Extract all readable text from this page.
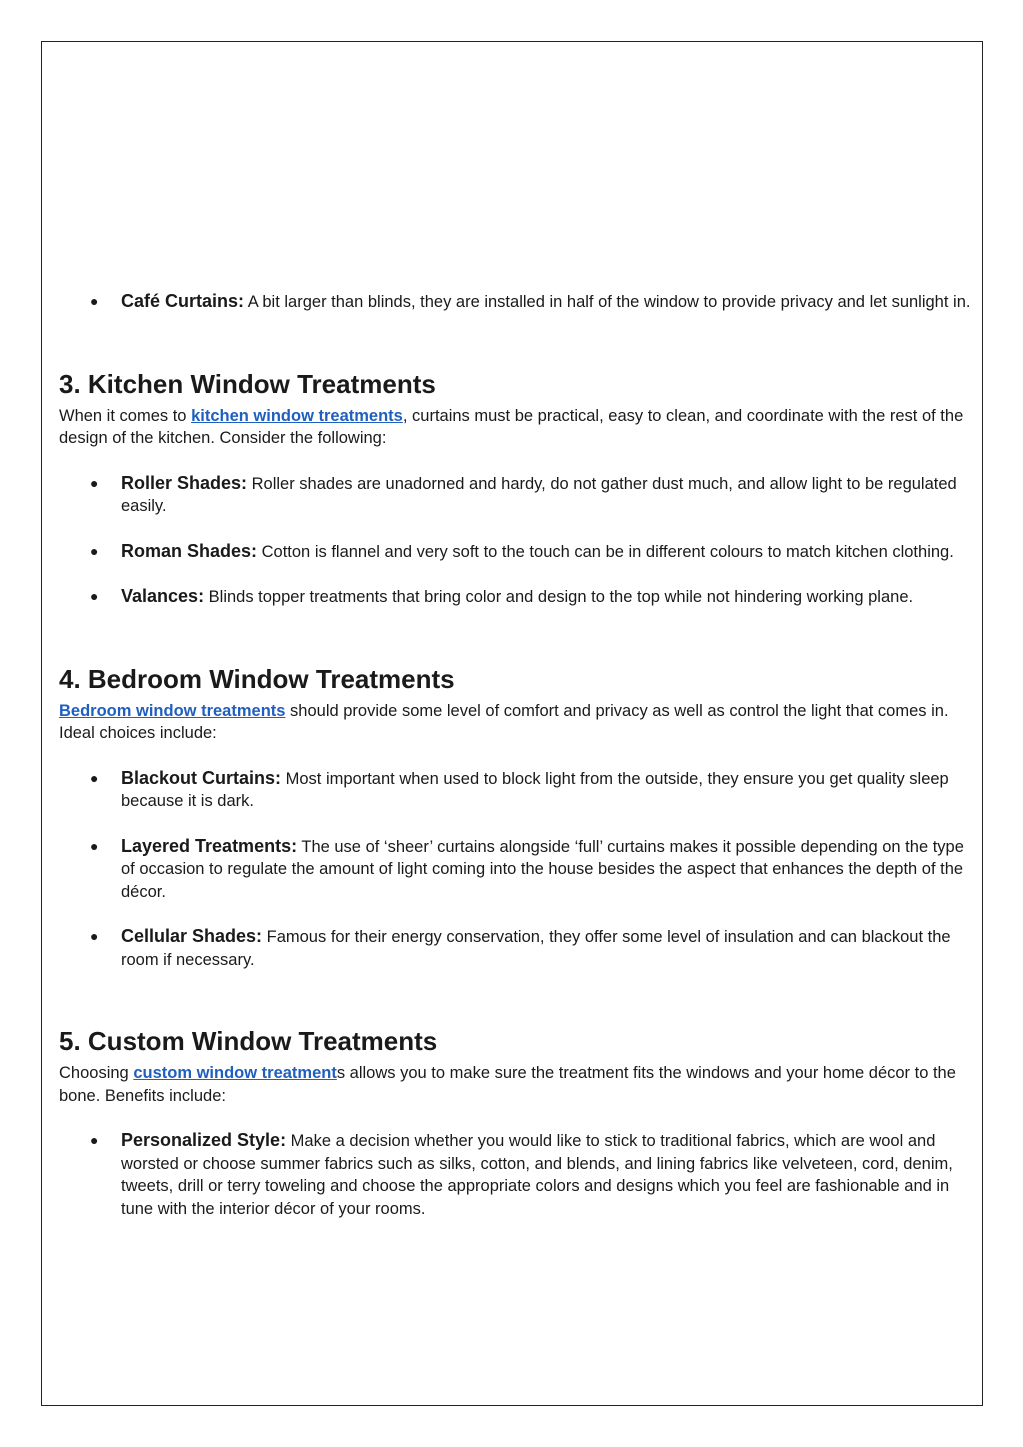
● Café Curtains: A bit larger than blinds, they are installed in half of the window to provide privacy and let sunlight in.
3. Kitchen Window Treatments

When it comes to kitchen window treatments, curtains must be practical, easy to clean, and coordinate with the rest of the design of the kitchen. Consider the following:

● Roller Shades: Roller shades are unadorned and hardy, do not gather dust much, and allow light to be regulated easily.
● Roman Shades: Cotton is flannel and very soft to the touch can be in different colours to match kitchen clothing.
● Valances: Blinds topper treatments that bring color and design to the top while not hindering working plane.
4. Bedroom Window Treatments

Bedroom window treatments should provide some level of comfort and privacy as well as control the light that comes in. Ideal choices include:

● Blackout Curtains: Most important when used to block light from the outside, they ensure you get quality sleep because it is dark.
● Layered Treatments: The use of ‘sheer’ curtains alongside ‘full’ curtains makes it possible depending on the type of occasion to regulate the amount of light coming into the house besides the aspect that enhances the depth of the décor.
● Cellular Shades: Famous for their energy conservation, they offer some level of insulation and can blackout the room if necessary.
5. Custom Window Treatments

Choosing custom window treatments allows you to make sure the treatment fits the windows and your home décor to the bone. Benefits include:

● Personalized Style: Make a decision whether you would like to stick to traditional fabrics, which are wool and worsted or choose summer fabrics such as silks, cotton, and blends, and lining fabrics like velveteen, cord, denim, tweets, drill or terry toweling and choose the appropriate colors and designs which you feel are fashionable and in tune with the interior décor of your rooms.
